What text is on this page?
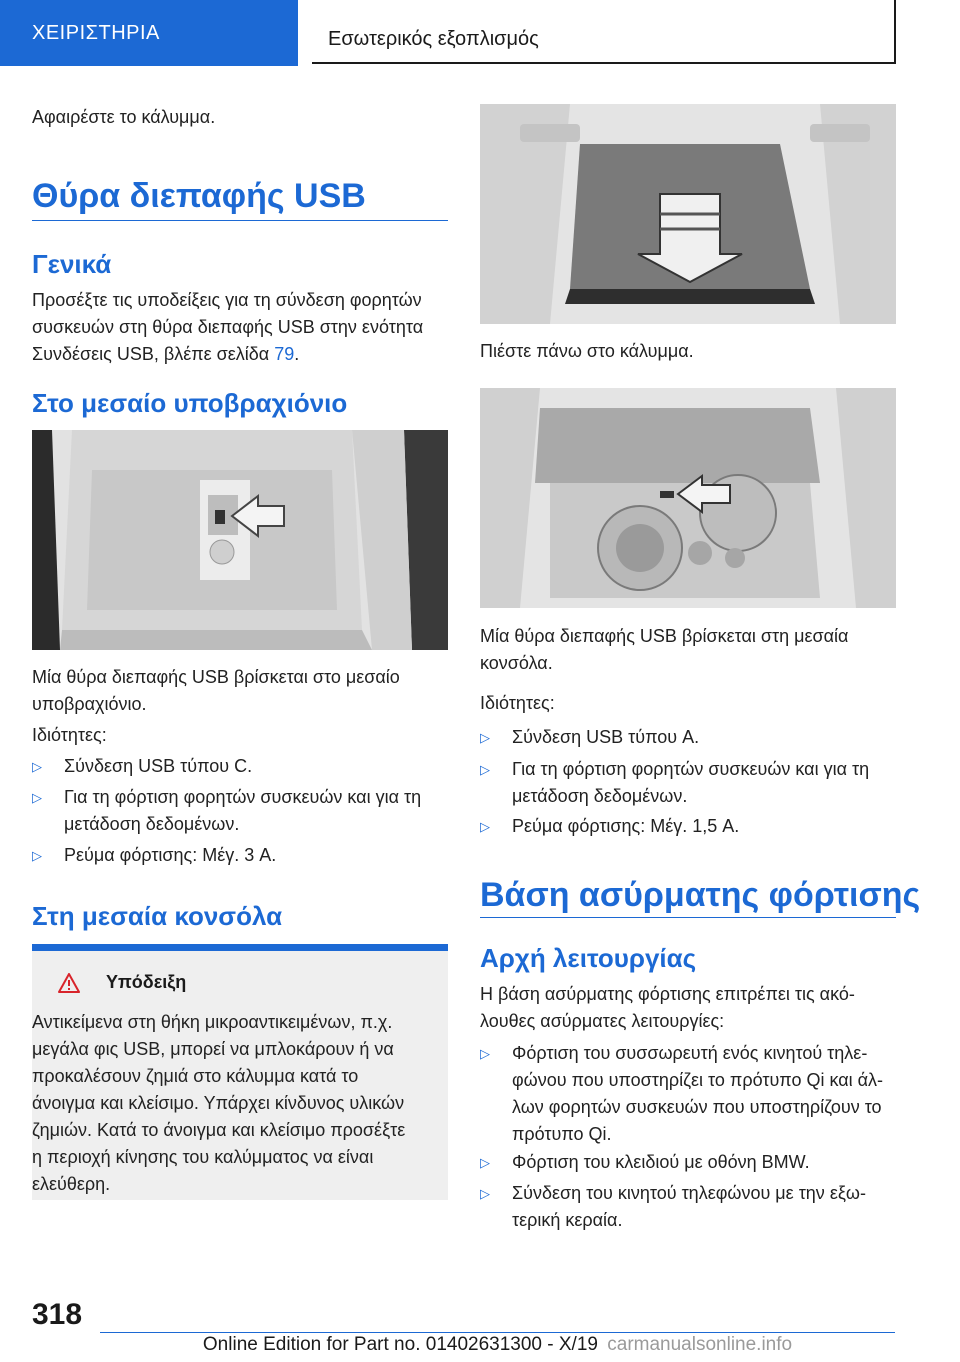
ΧΕΙΡΙΣΤΗΡΙΑ	Εσωτερικός εξοπλισμός
Αφαιρέστε το κάλυμμα.
Θύρα διεπαφής USB
Γενικά
Προσέξτε τις υποδείξεις για τη σύνδεση φορητών
συσκευών στη θύρα διεπαφής USB στην ενότητα
Συνδέσεις USB, βλέπε σελίδα 79.
Στο μεσαίο υποβραχιόνιο
Μία θύρα διεπαφής USB βρίσκεται στο μεσαίο
υποβραχιόνιο.
Ιδιότητες:
▷ Σύνδεση USB τύπου C.
▷ Για τη φόρτιση φορητών συσκευών και για τη
μετάδοση δεδομένων.
▷ Ρεύμα φόρτισης: Μέγ. 3 A.
Στη μεσαία κονσόλα
Υπόδειξη
Αντικείμενα στη θήκη μικροαντικειμένων, π.χ.
μεγάλα φις USB, μπορεί να μπλοκάρουν ή να
προκαλέσουν ζημιά στο κάλυμμα κατά το
άνοιγμα και κλείσιμο. Υπάρχει κίνδυνος υλικών
ζημιών. Κατά το άνοιγμα και κλείσιμο προσέξτε
η περιοχή κίνησης του καλύμματος να είναι
ελεύθερη.
Πιέστε πάνω στο κάλυμμα.
Μία θύρα διεπαφής USB βρίσκεται στη μεσαία
κονσόλα.
Ιδιότητες:
▷ Σύνδεση USB τύπου A.
▷ Για τη φόρτιση φορητών συσκευών και για τη
μετάδοση δεδομένων.
▷ Ρεύμα φόρτισης: Μέγ. 1,5 A.
Βάση ασύρματης φόρτισης
Αρχή λειτουργίας
Η βάση ασύρματης φόρτισης επιτρέπει τις ακό-
λουθες ασύρματες λειτουργίες:
▷ Φόρτιση του συσσωρευτή ενός κινητού τηλε-
φώνου που υποστηρίζει το πρότυπο Qi και άλ-
λων φορητών συσκευών που υποστηρίζουν το
πρότυπο Qi.
▷ Φόρτιση του κλειδιού με οθόνη BMW.
▷ Σύνδεση του κινητού τηλεφώνου με την εξω-
τερική κεραία.
318
Online Edition for Part no. 01402631300 - X/19 carmanualsonline.info
